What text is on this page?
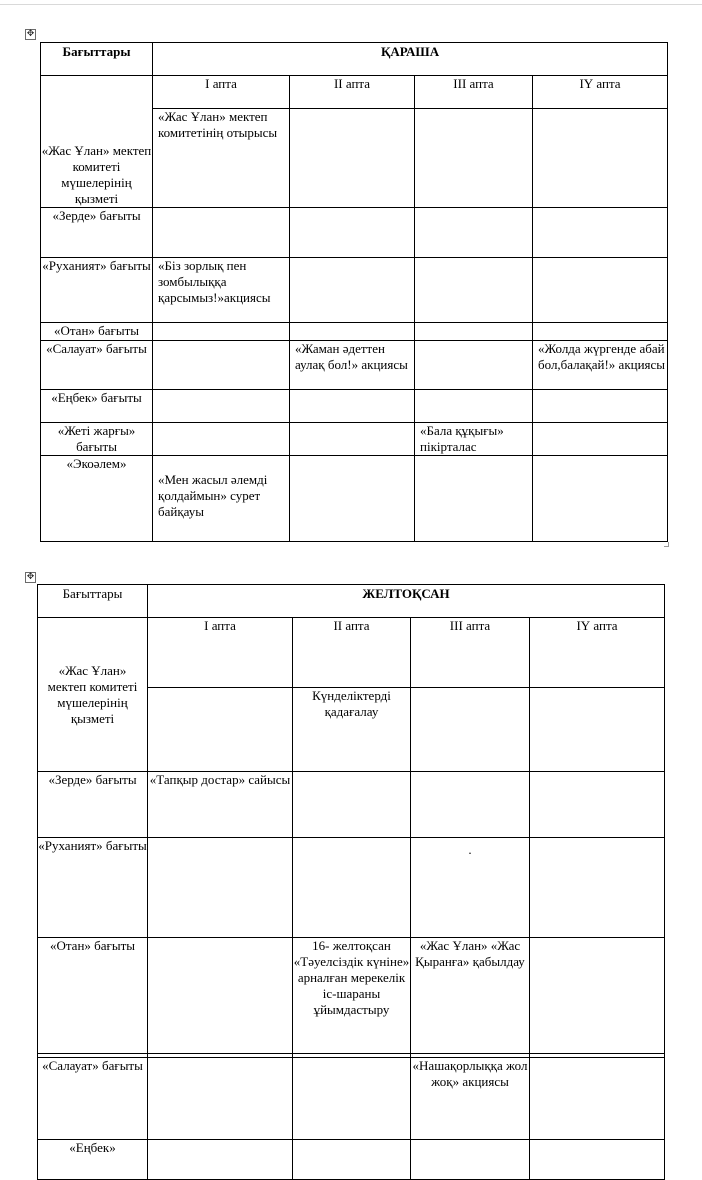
✥
Бағыттары	ҚАРАША			
«Жас Ұлан» мектеп комитеті мүшелерінің қызметі	І апта	ІІ апта	ІІІ апта	ІҮ апта
	«Жас Ұлан» мектеп комитетінің отырысы			
«Зерде» бағыты				
«Руханият» бағыты	«Біз зорлық пен зомбылыққа қарсымыз!»акциясы			
«Отан» бағыты				
«Салауат» бағыты		«Жаман әдеттен аулақ бол!» акциясы		«Жолда жүргенде абай бол,балақай!» акциясы
«Еңбек» бағыты				
«Жеті жарғы» бағыты			«Бала құқығы» пікірталас	
«Экоәлем»	«Мен жасыл әлемді қолдаймын» сурет байқауы			
✥
Бағыттары	ЖЕЛТОҚСАН			
«Жас Ұлан» мектеп комитеті мүшелерінің қызметі	І апта	ІІ апта	ІІІ апта	ІҮ апта
		Күнделіктерді қадағалау		
«Зерде» бағыты	«Тапқыр достар» сайысы			
«Руханият» бағыты			.	
«Отан» бағыты		16- желтоқсан «Тәуелсіздік күніне» арналған мерекелік іс-шараны ұйымдастыру	«Жас Ұлан» «Жас Қыранға» қабылдау	

«Салауат» бағыты			«Нашақорлыққа жол жоқ» акциясы	
«Еңбек»				
